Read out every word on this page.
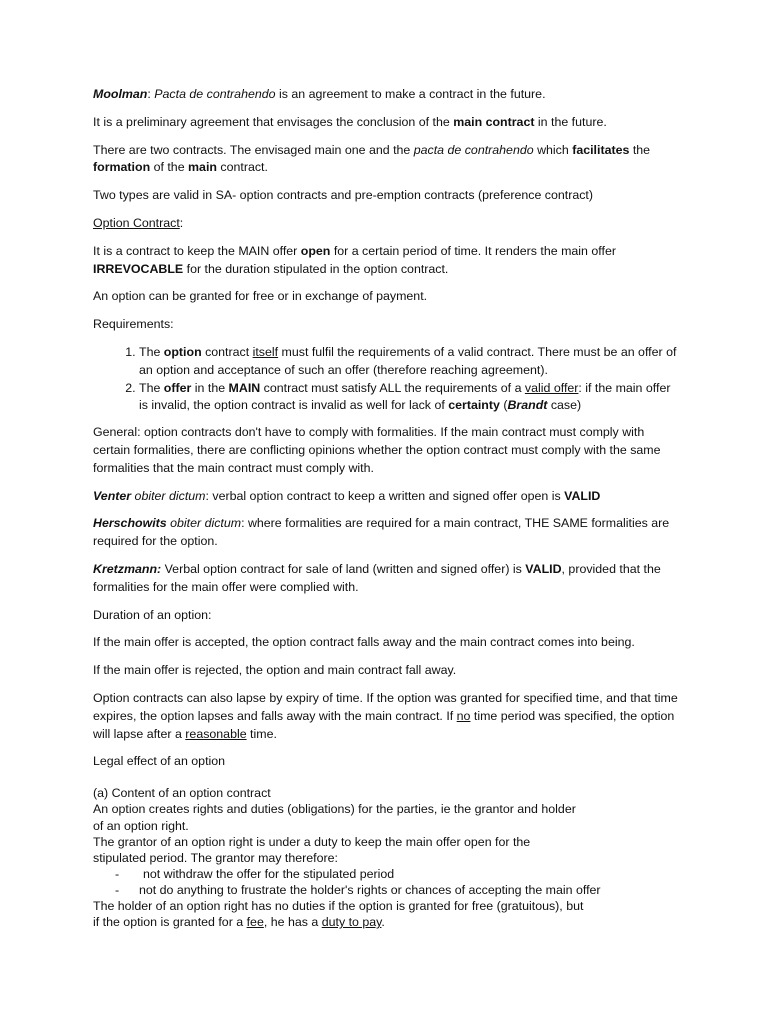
Moolman: Pacta de contrahendo is an agreement to make a contract in the future.

It is a preliminary agreement that envisages the conclusion of the main contract in the future.

There are two contracts. The envisaged main one and the pacta de contrahendo which facilitates the formation of the main contract.

Two types are valid in SA- option contracts and pre-emption contracts (preference contract)

Option Contract:

It is a contract to keep the MAIN offer open for a certain period of time. It renders the main offer IRREVOCABLE for the duration stipulated in the option contract.

An option can be granted for free or in exchange of payment.

Requirements:

1. The option contract itself must fulfil the requirements of a valid contract. There must be an offer of an option and acceptance of such an offer (therefore reaching agreement).
2. The offer in the MAIN contract must satisfy ALL the requirements of a valid offer: if the main offer is invalid, the option contract is invalid as well for lack of certainty (Brandt case)

General: option contracts don't have to comply with formalities. If the main contract must comply with certain formalities, there are conflicting opinions whether the option contract must comply with the same formalities that the main contract must comply with.

Venter obiter dictum: verbal option contract to keep a written and signed offer open is VALID

Herschowits obiter dictum: where formalities are required for a main contract, THE SAME formalities are required for the option.

Kretzmann: Verbal option contract for sale of land (written and signed offer) is VALID, provided that the formalities for the main offer were complied with.

Duration of an option:

If the main offer is accepted, the option contract falls away and the main contract comes into being.

If the main offer is rejected, the option and main contract fall away.

Option contracts can also lapse by expiry of time. If the option was granted for specified time, and that time expires, the option lapses and falls away with the main contract. If no time period was specified, the option will lapse after a reasonable time.

Legal effect of an option

(a) Content of an option contract
An option creates rights and duties (obligations) for the parties, ie the grantor and holder
of an option right.
The grantor of an option right is under a duty to keep the main offer open for the
stipulated period. The grantor may therefore:
- not withdraw the offer for the stipulated period
- not do anything to frustrate the holder's rights or chances of accepting the main offer
The holder of an option right has no duties if the option is granted for free (gratuitous), but
if the option is granted for a fee, he has a duty to pay.
